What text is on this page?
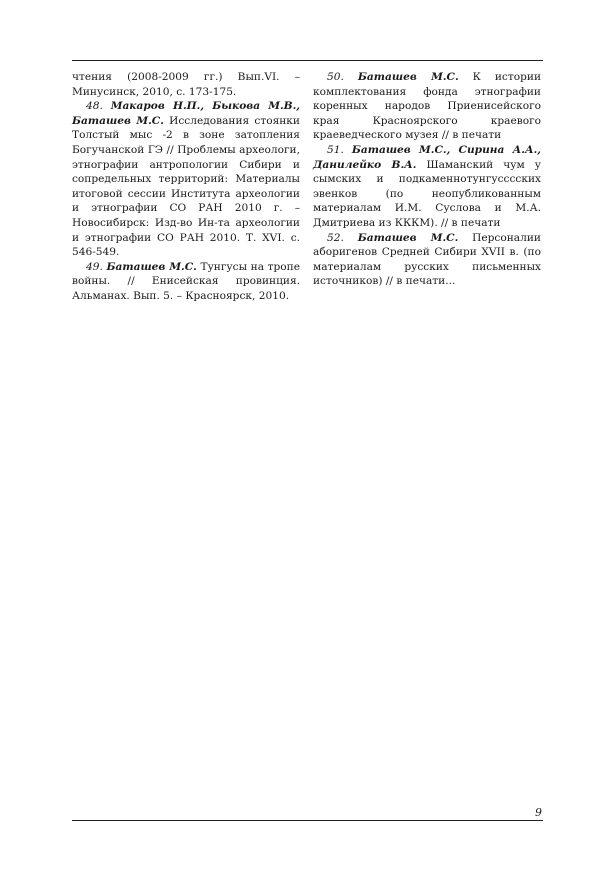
чтения (2008-2009 гг.) Вып.VI. – Минусинск, 2010, с. 173-175.

48. Макаров Н.П., Быкова М.В., Баташев М.С. Исследования стоянки Толстый мыс -2 в зоне затопления Богучанской ГЭ // Проблемы археологи, этнографии антропологии Сибири и сопредельных территорий: Материалы итоговой сессии Института археологии и этнографии СО РАН 2010 г. – Новосибирск: Изд-во Ин-та археологии и этнографии СО РАН 2010. Т. XVI. с. 546-549.

49. Баташев М.С. Тунгусы на тропе войны. // Енисейская провинция. Альманах. Вып. 5. – Красноярск, 2010.

50. Баташев М.С. К истории комплектования фонда этнографии коренных народов Приенисейского края Красноярского краевого краеведческого музея // в печати

51. Баташев М.С., Сирина А.А., Данилейко В.А. Шаманский чум у сымских и подкаменнотунгусссских эвенков (по неопубликованным материалам И.М. Суслова и М.А. Дмитриева из КККМ). // в печати

52. Баташев М.С. Персоналии аборигенов Средней Сибири XVII в. (по материалам русских письменных источников) // в печати...

9
